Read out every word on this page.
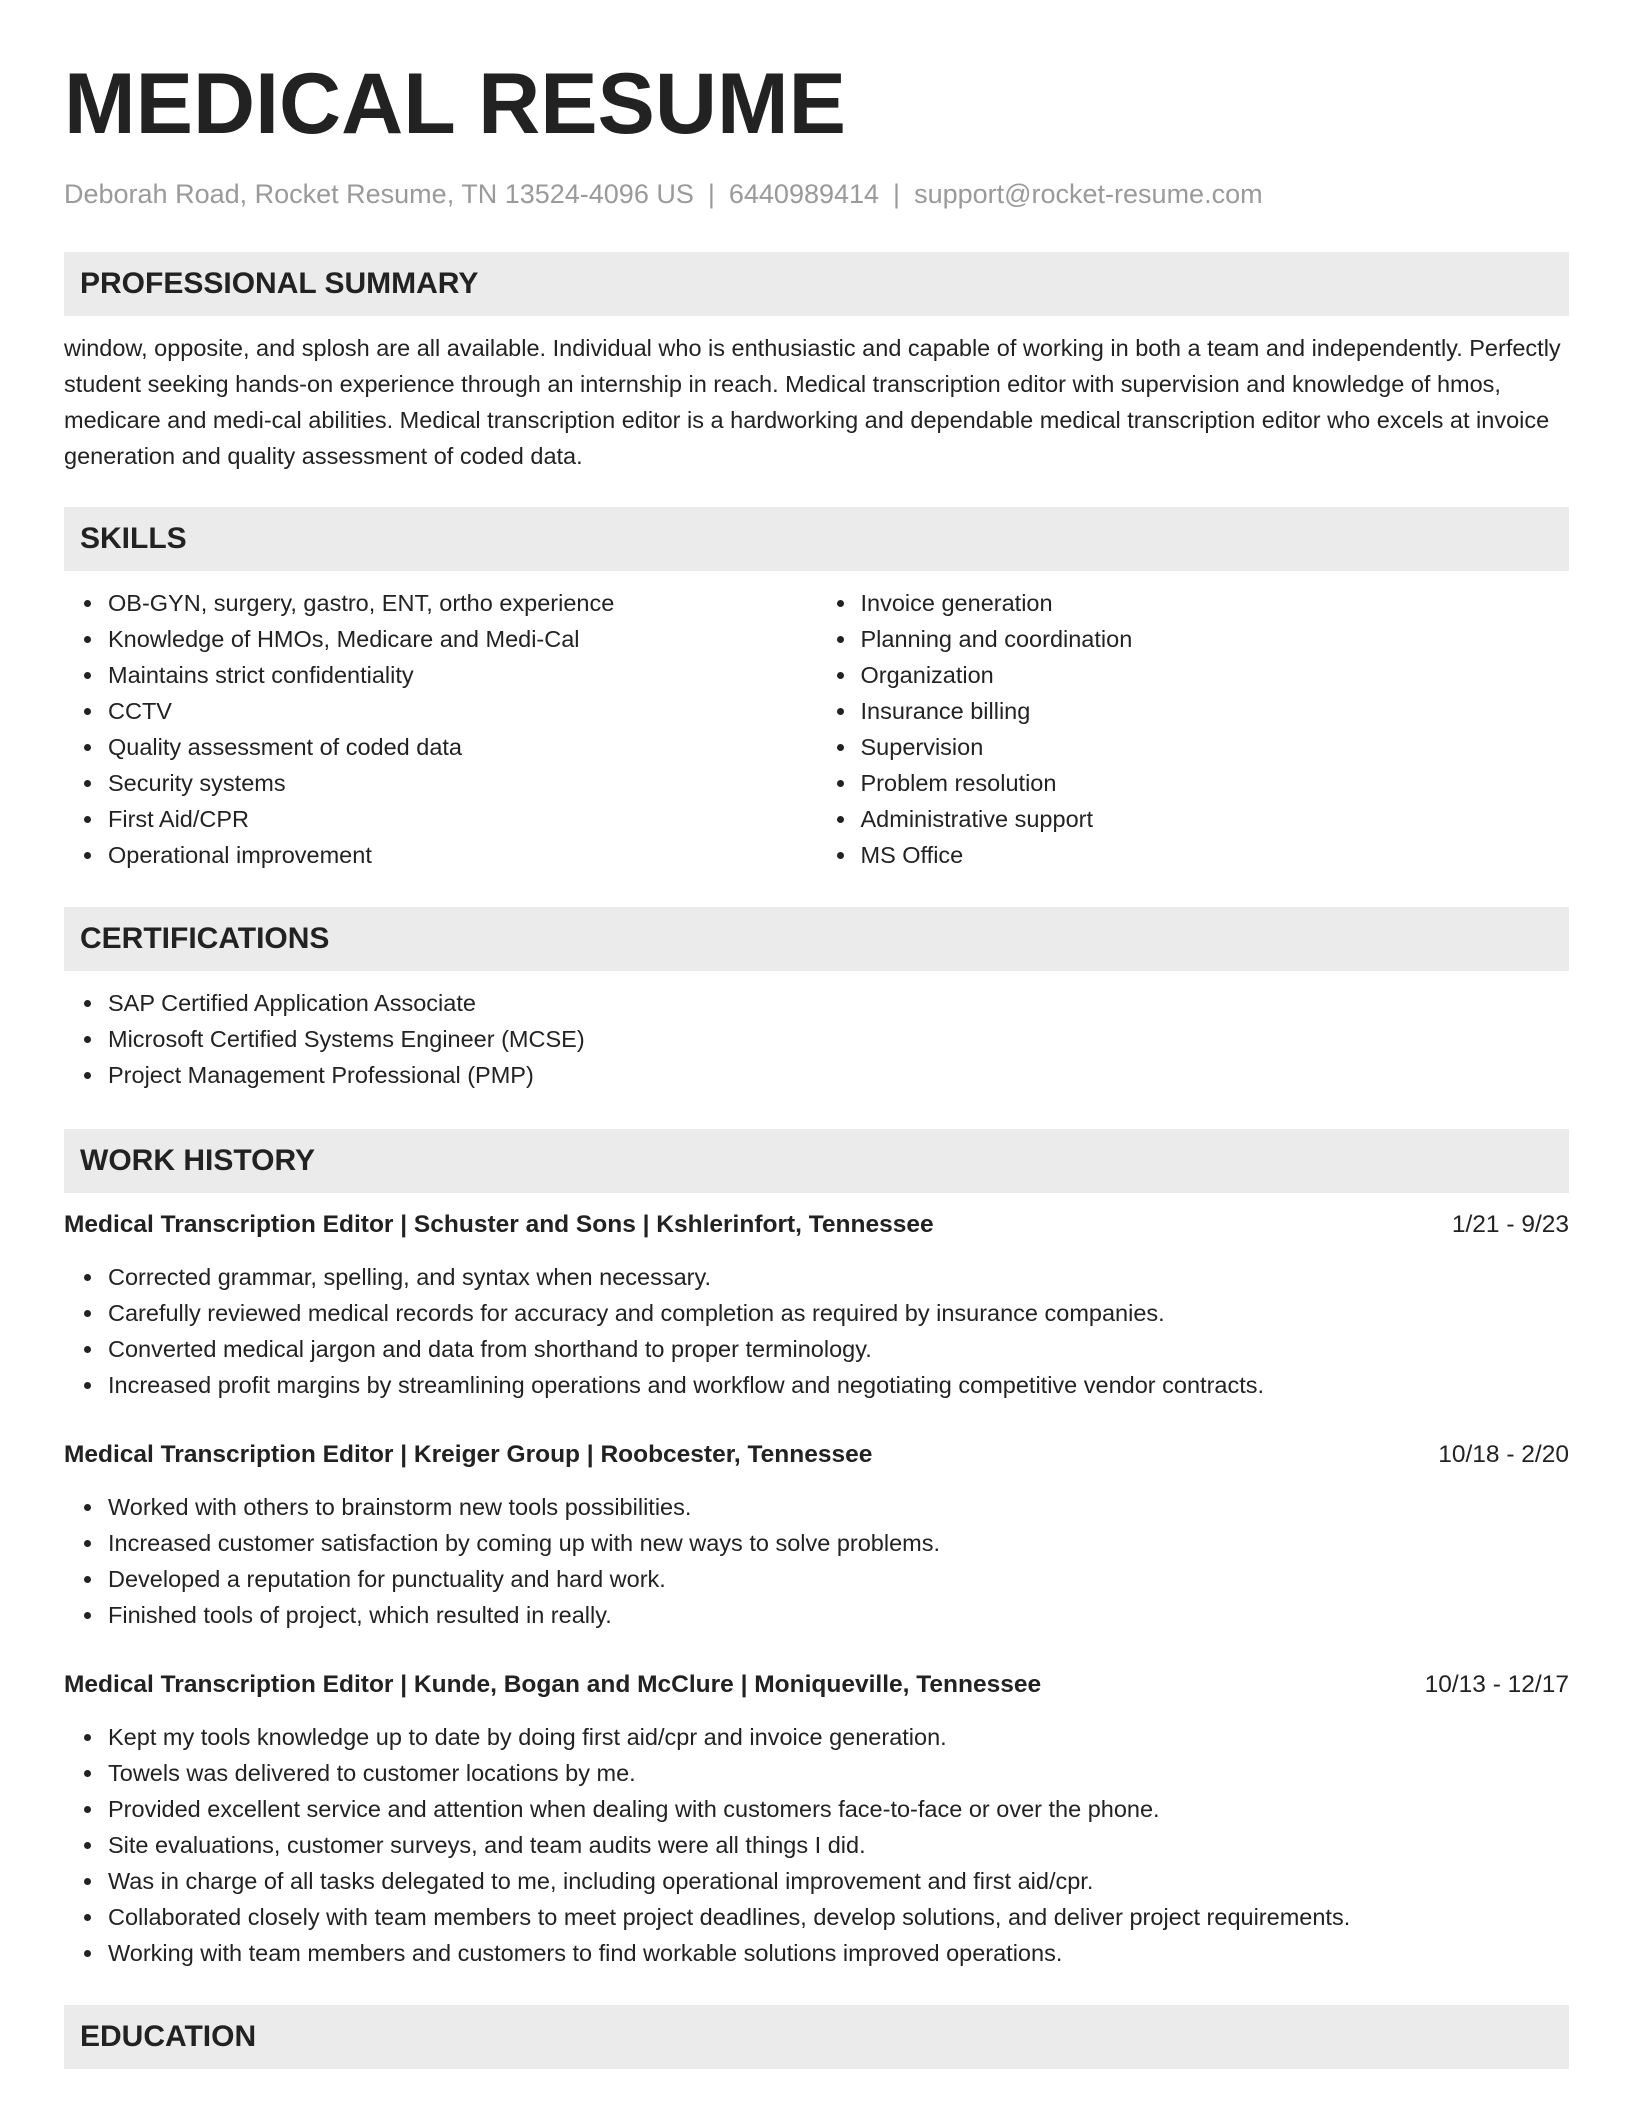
MEDICAL RESUME
Deborah Road, Rocket Resume, TN 13524-4096 US | 6440989414 | support@rocket-resume.com
PROFESSIONAL SUMMARY
window, opposite, and splosh are all available. Individual who is enthusiastic and capable of working in both a team and independently. Perfectly student seeking hands-on experience through an internship in reach. Medical transcription editor with supervision and knowledge of hmos, medicare and medi-cal abilities. Medical transcription editor is a hardworking and dependable medical transcription editor who excels at invoice generation and quality assessment of coded data.
SKILLS
OB-GYN, surgery, gastro, ENT, ortho experience
Knowledge of HMOs, Medicare and Medi-Cal
Maintains strict confidentiality
CCTV
Quality assessment of coded data
Security systems
First Aid/CPR
Operational improvement
Invoice generation
Planning and coordination
Organization
Insurance billing
Supervision
Problem resolution
Administrative support
MS Office
CERTIFICATIONS
SAP Certified Application Associate
Microsoft Certified Systems Engineer (MCSE)
Project Management Professional (PMP)
WORK HISTORY
Medical Transcription Editor | Schuster and Sons | Kshlerinfort, Tennessee	1/21 - 9/23
Corrected grammar, spelling, and syntax when necessary.
Carefully reviewed medical records for accuracy and completion as required by insurance companies.
Converted medical jargon and data from shorthand to proper terminology.
Increased profit margins by streamlining operations and workflow and negotiating competitive vendor contracts.
Medical Transcription Editor | Kreiger Group | Roobcester, Tennessee	10/18 - 2/20
Worked with others to brainstorm new tools possibilities.
Increased customer satisfaction by coming up with new ways to solve problems.
Developed a reputation for punctuality and hard work.
Finished tools of project, which resulted in really.
Medical Transcription Editor | Kunde, Bogan and McClure | Moniqueville, Tennessee	10/13 - 12/17
Kept my tools knowledge up to date by doing first aid/cpr and invoice generation.
Towels was delivered to customer locations by me.
Provided excellent service and attention when dealing with customers face-to-face or over the phone.
Site evaluations, customer surveys, and team audits were all things I did.
Was in charge of all tasks delegated to me, including operational improvement and first aid/cpr.
Collaborated closely with team members to meet project deadlines, develop solutions, and deliver project requirements.
Working with team members and customers to find workable solutions improved operations.
EDUCATION
